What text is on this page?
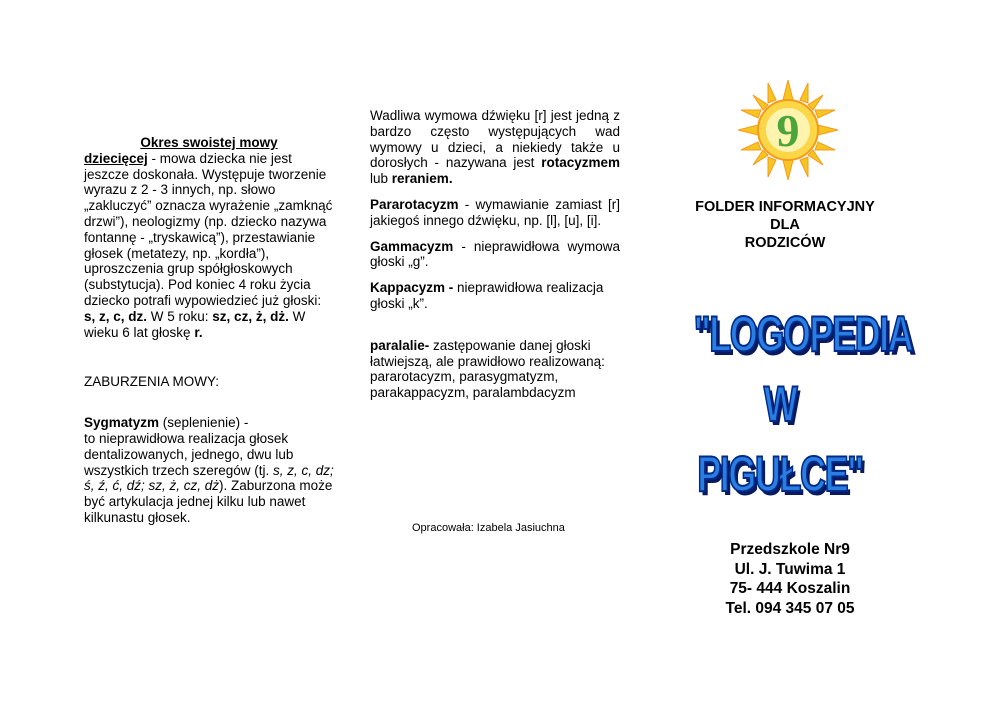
Okres swoistej mowy

dziecięcej - mowa dziecka nie jest jeszcze doskonała. Występuje tworzenie wyrazu z 2 - 3 innych, np. słowo „zakluczyć” oznacza wyrażenie „zamknąć drzwi”), neologizmy (np. dziecko nazywa fontannę - „tryskawicą”), przestawianie głosek (metatezy, np. „kordła”), uproszczenia grup spółgłoskowych (substytucja). Pod koniec 4 roku życia dziecko potrafi wypowiedzieć już głoski:
s, z, c, dz. W 5 roku: sz, cz, ż, dż. W wieku 6 lat głoskę r.

ZABURZENIA MOWY:

Sygmatyzm (seplenienie) -
to nieprawidłowa realizacja głosek dentalizowanych, jednego, dwu lub wszystkich trzech szeregów (tj. s, z, c, dz; ś, ź, ć, dź; sz, ż, cz, dż). Zaburzona może być artykulacja jednej kilku lub nawet kilkunastu głosek.

Wadliwa wymowa dźwięku [r] jest jedną z bardzo często występujących wad wymowy u dzieci, a niekiedy także u dorosłych - nazywana jest rotacyzmem lub reraniem.

Pararotacyzm - wymawianie zamiast [r] jakiegoś innego dźwięku, np. [l], [u], [i].

Gammacyzm - nieprawidłowa wymowa głoski „g”.

Kappacyzm - nieprawidłowa realizacja głoski „k”.

paralalie- zastępowanie danej głoski łatwiejszą, ale prawidłowo realizowaną: pararotacyzm, parasygmatyzm, parakappacyzm, paralambdacyzm

Opracowała: Izabela Jasiuchna
9
FOLDER INFORMACYJNY
DLA
RODZICÓW
"LOGOPEDIA
W
PIGUŁCE"
Przedszkole Nr9
Ul. J. Tuwima 1
75- 444 Koszalin
Tel. 094 345 07 05
